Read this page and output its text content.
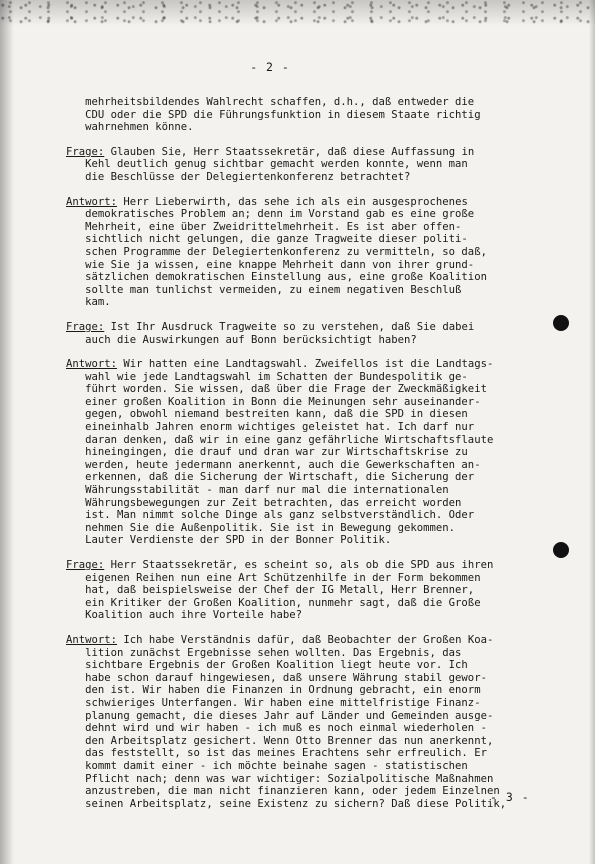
- 2 -
mehrheitsbildendes Wahlrecht schaffen, d.h., daß entweder die
CDU oder die SPD die Führungsfunktion in diesem Staate richtig
wahrnehmen könne.
Frage: Glauben Sie, Herr Staatssekretär, daß diese Auffassung in
Kehl deutlich genug sichtbar gemacht werden konnte, wenn man
die Beschlüsse der Delegiertenkonferenz betrachtet?
Antwort: Herr Lieberwirth, das sehe ich als ein ausgesprochenes
demokratisches Problem an; denn im Vorstand gab es eine große
Mehrheit, eine über Zweidrittelmehrheit. Es ist aber offen-
sichtlich nicht gelungen, die ganze Tragweite dieser politi-
schen Programme der Delegiertenkonferenz zu vermitteln, so daß,
wie Sie ja wissen, eine knappe Mehrheit dann von ihrer grund-
sätzlichen demokratischen Einstellung aus, eine große Koalition
sollte man tunlichst vermeiden, zu einem negativen Beschluß
kam.
Frage: Ist Ihr Ausdruck Tragweite so zu verstehen, daß Sie dabei
auch die Auswirkungen auf Bonn berücksichtigt haben?
Antwort: Wir hatten eine Landtagswahl. Zweifellos ist die Landtags-
wahl wie jede Landtagswahl im Schatten der Bundespolitik ge-
führt worden. Sie wissen, daß über die Frage der Zweckmäßigkeit
einer großen Koalition in Bonn die Meinungen sehr auseinander-
gegen, obwohl niemand bestreiten kann, daß die SPD in diesen
eineinhalb Jahren enorm wichtiges geleistet hat. Ich darf nur
daran denken, daß wir in eine ganz gefährliche Wirtschaftsflaute
hineingingen, die drauf und dran war zur Wirtschaftskrise zu
werden, heute jedermann anerkennt, auch die Gewerkschaften an-
erkennen, daß die Sicherung der Wirtschaft, die Sicherung der
Währungsstabilität - man darf nur mal die internationalen
Währungsbewegungen zur Zeit betrachten, das erreicht worden
ist. Man nimmt solche Dinge als ganz selbstverständlich. Oder
nehmen Sie die Außenpolitik. Sie ist in Bewegung gekommen.
Lauter Verdienste der SPD in der Bonner Politik.
Frage: Herr Staatssekretär, es scheint so, als ob die SPD aus ihren
eigenen Reihen nun eine Art Schützenhilfe in der Form bekommen
hat, daß beispielsweise der Chef der IG Metall, Herr Brenner,
ein Kritiker der Großen Koalition, nunmehr sagt, daß die Große
Koalition auch ihre Vorteile habe?
Antwort: Ich habe Verständnis dafür, daß Beobachter der Großen Koa-
lition zunächst Ergebnisse sehen wollten. Das Ergebnis, das
sichtbare Ergebnis der Großen Koalition liegt heute vor. Ich
habe schon darauf hingewiesen, daß unsere Währung stabil gewor-
den ist. Wir haben die Finanzen in Ordnung gebracht, ein enorm
schwieriges Unterfangen. Wir haben eine mittelfristige Finanz-
planung gemacht, die dieses Jahr auf Länder und Gemeinden ausge-
dehnt wird und wir haben - ich muß es noch einmal wiederholen -
den Arbeitsplatz gesichert. Wenn Otto Brenner das nun anerkennt,
das feststellt, so ist das meines Erachtens sehr erfreulich. Er
kommt damit einer - ich möchte beinahe sagen - statistischen
Pflicht nach; denn was war wichtiger: Sozialpolitische Maßnahmen
anzustreben, die man nicht finanzieren kann, oder jedem Einzelnen
seinen Arbeitsplatz, seine Existenz zu sichern? Daß diese Politik,
- 3 -
